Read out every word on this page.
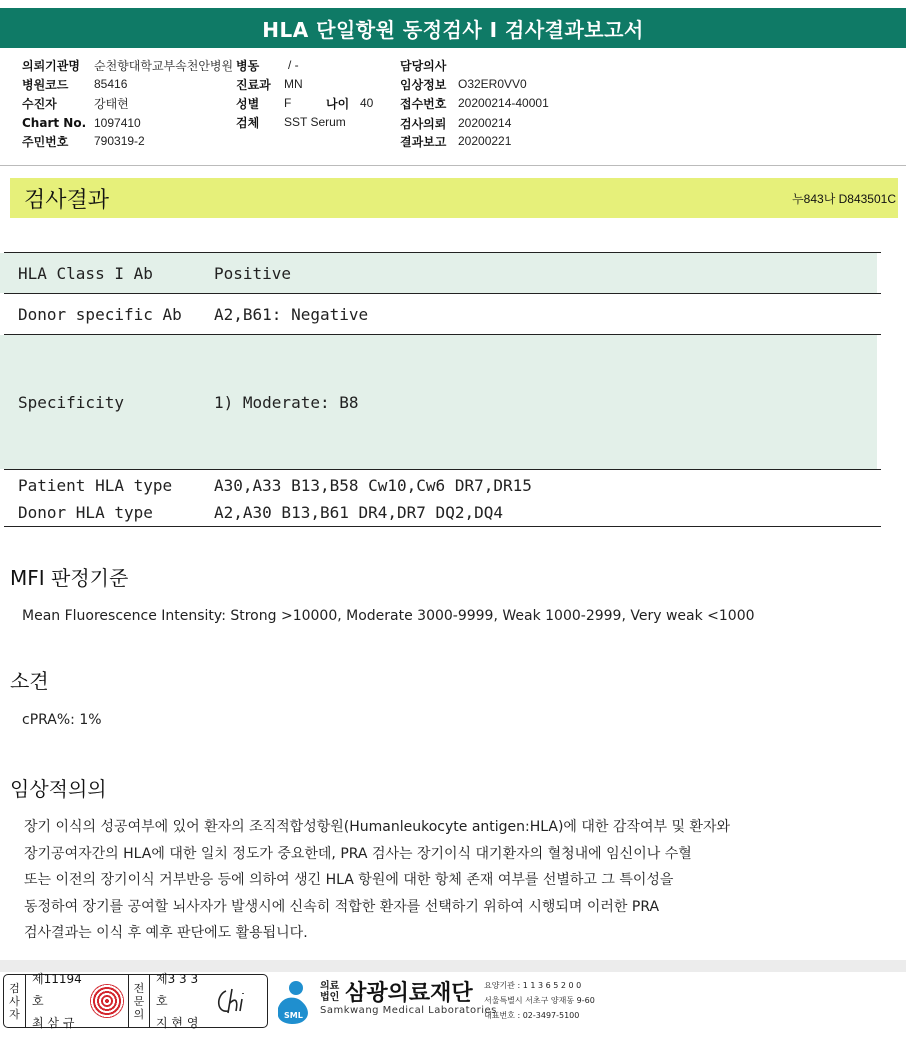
HLA 단일항원 동정검사 I 검사결과보고서
의뢰기관명	순천향대학교부속천안병원 병동	/ -	담당의사
병원코드	85416	진료과	MN	임상정보 O32ER0VV0
수진자	강태현	성별	F	나이 40 접수번호 20200214-40001
Chart No. 1097410	검체	SST Serum	검사의뢰 20200214
주민번호	790319-2	결과보고 20200221
검사결과	누843나 D843501C
HLA Class I Ab	Positive
Donor specific Ab A2,B61: Negative
Specificity	1) Moderate: B8
Patient HLA type	A30,A33 B13,B58 Cw10,Cw6 DR7,DR15
Donor HLA type	A2,A30 B13,B61 DR4,DR7 DQ2,DQ4
MFI 판정기준
Mean Fluorescence Intensity: Strong >10000, Moderate 3000-9999, Weak 1000-2999, Very weak <1000
소견
cPRA%: 1%
임상적의의
장기 이식의 성공여부에 있어 환자의 조직적합성항원(Humanleukocyte antigen:HLA)에 대한 감작여부 및 환자와
장기공여자간의 HLA에 대한 일치 정도가 중요한데, PRA 검사는 장기이식 대기환자의 혈청내에 임신이나 수혈
또는 이전의 장기이식 거부반응 등에 의하여 생긴 HLA 항원에 대한 항체 존재 여부를 선별하고 그 특이성을
동정하여 장기를 공여할 뇌사자가 발생시에 신속히 적합한 환자를 선택하기 위하여 시행되며 이러한 PRA
검사결과는 이식 후 예후 판단에도 활용됩니다.
검
사
자
제11194호
최 삼 규
전
문
의
제3 3 3 호
지 현 영
SML
의료
법인 삼광의료재단
Samkwang Medical Laboratories
요양기관 : 1 1 3 6 5 2 0 0
서울특별시 서초구 양재동 9-60
대표번호 : 02-3497-5100
